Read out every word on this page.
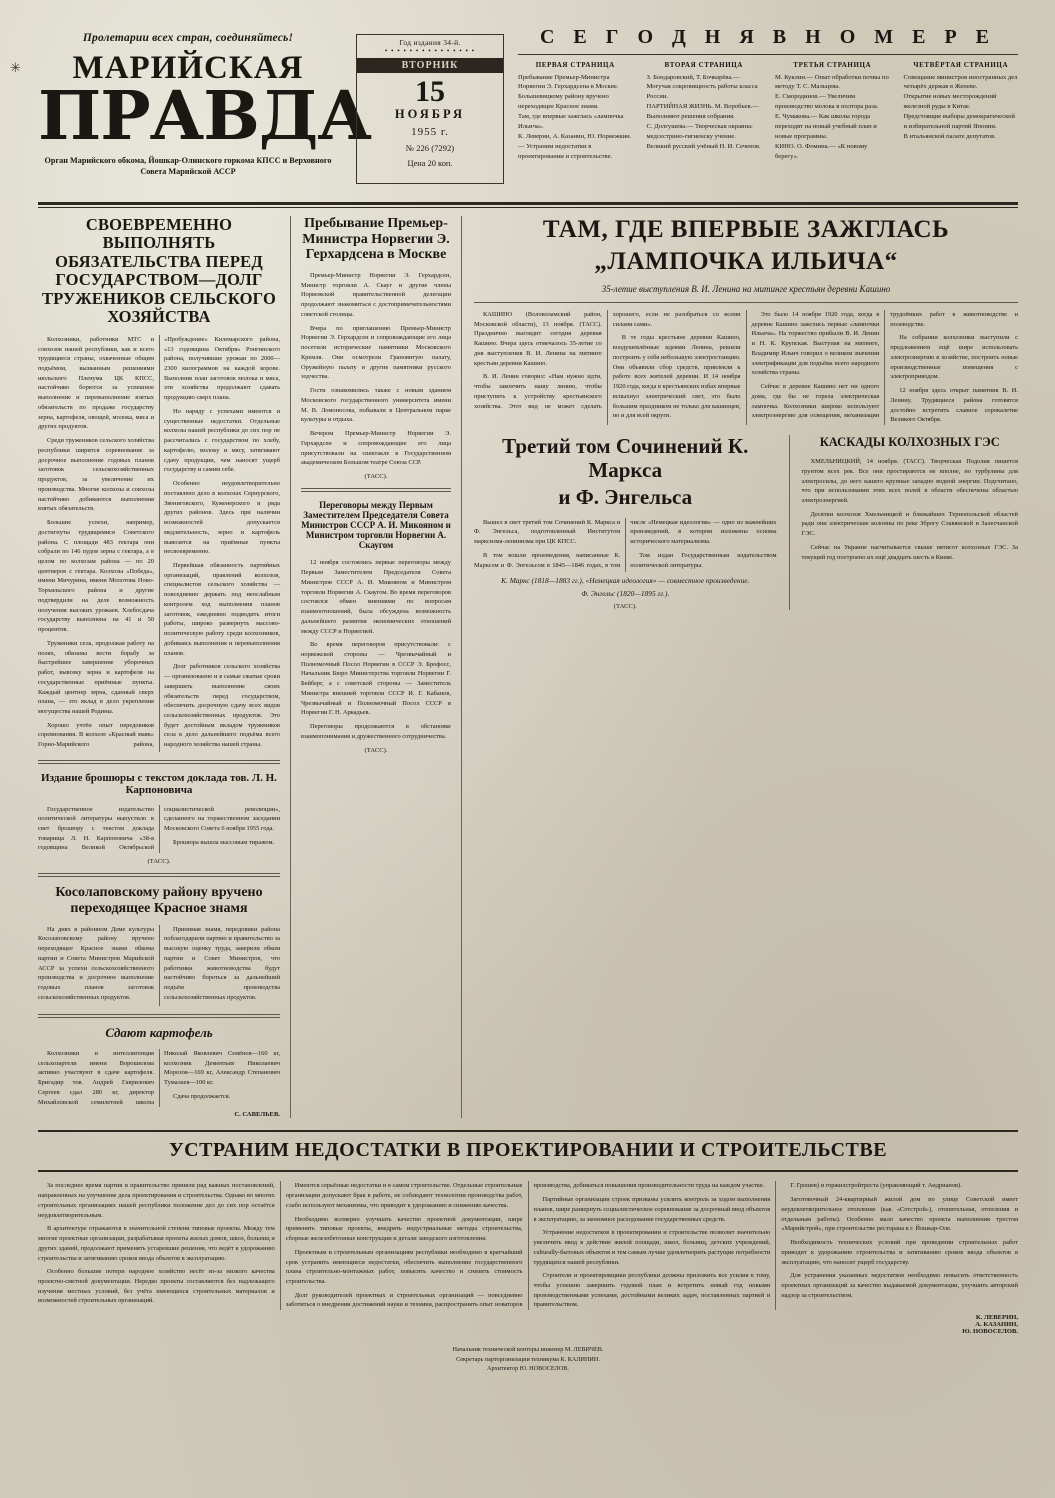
✳
Пролетарии всех стран, соединяйтесь!
МАРИЙСКАЯ
ПРАВДА
Орган Марийского обкома, Йошкар-Олинского горкома КПСС и Верховного Совета Марийской АССР
Год издания 34-й.
• • • • • • • • • • • • • • •
ВТОРНИК
15
НОЯБРЯ
1955 г.
№ 226 (7292)
Цена 20 коп.
С Е Г О Д Н Я В Н О М Е Р Е
ПЕРВАЯ СТРАНИЦА
Пребывание Премьер-Министра Норвегии Э. Герхардсена в Москве.
Большевицкому району вручено переходящее Красное знамя.
Там, где впервые зажглась «лампочка Ильича».
К. Леверин, А. Казанин, Ю. Норвежкин.— Устраним недостатки в проектировании и строительстве.
ВТОРАЯ СТРАНИЦА
З. Бондаровский, Т. Бочкарёва.— Могучая сокровищность работы класса России.
ПАРТИЙНАЯ ЖИЗНЬ. М. Воробьев.— Выполняют решения собрания.
С. Долгушева.— Творческая окраина: медсестрино-гигиенску учение.
Великий русский учёный Н. И. Сеченов.
ТРЕТЬЯ СТРАНИЦА
М. Куклин.— Опыт обработки почвы по методу Т. С. Мальцева.
Е. Смородинов.— Увеличим производство молока в полтора раза.
Е. Чумакова.— Как школы города переходят на новый учебный план и новые программы.
КИНО. О. Фомина.— «К новому берегу».
ЧЕТВЁРТАЯ СТРАНИЦА
Совещание министров иностранных дел четырёх держав в Женеве.
Открытие новых месторождений железной руды в Китае.
Предстоящие выборы демократической и избирательной партий Японии.
В итальянской палате депутатов.
СВОЕВРЕМЕННО ВЫПОЛНЯТЬ ОБЯЗАТЕЛЬСТВА ПЕРЕД ГОСУДАРСТВОМ—ДОЛГ ТРУЖЕНИКОВ СЕЛЬСКОГО ХОЗЯЙСТВА

Колхозники, работники МТС и совхозов нашей республики, как и всего трудящиеся страны, охваченные общим подъёмом, вызванным решениями июльского Пленума ЦК КПСС, настойчиво борются за успешное выполнение и перевыполнение взятых обязательств по продаже государству зерна, картофеля, овощей, молока, мяса и других продуктов.

Среди тружеников сельского хозяйства республики ширится соревнование за досрочное выполнение годовых планов заготовок сельскохозяйственных продуктов, за увеличение их производства. Многие колхозы и совхозы настойчиво добиваются выполнения взятых обязательств.

Большие успехи, например, достигнуты трудящимися Советского района. С площади 483 гектара они собрали по 146 пудов зерна с гектара, а в целом по колхозам района — по 20 центнеров с гектара. Колхозы «Победа», имени Мичурина, имени Молотова Ново-Торъяльского района и другие подтвердили на деле возможность получения высоких урожаев. Хлебосдача государству выполнена на 41 и 50 процентов.

Труженики села, продолжая работу на полях, обязаны вести борьбу за быстрейшее завершение уборочных работ, вывозку зерна и картофеля на государственные приёмные пункты. Каждый центнер зерна, сданный сверх плана, — это вклад в дело укрепления могущества нашей Родины.

Хорошо учтён опыт передовиков соревнования. В колхозе «Красный маяк» Горно-Марийского района, «Пробуждение» Килемарского района, «13 годовщина Октября» Ронгинского района, получившие урожаи по 2000—2300 килограммов на каждой корове. Выполнив план заготовок молока и мяса, эти хозяйства продолжают сдавать продукцию сверх плана.

Но наряду с успехами имеются и существенные недостатки. Отдельные колхозы нашей республики до сих пор не рассчитались с государством по хлебу, картофелю, молоку и мясу, затягивают сдачу продукции, чем наносят ущерб государству и самим себе.

Особенно неудовлетворительно поставлено дело в колхозах Сернурского, Звениговского, Куженерского и ряда других районов. Здесь при наличии возможностей допускается медлительность, зерно и картофель вывозятся на приёмные пункты несвоевременно.

Первейшая обязанность партийных организаций, правлений колхозов, специалистов сельского хозяйства — повседневно держать под неослабным контролем ход выполнения планов заготовок, ежедневно подводить итоги работы, широко развернуть массово-политическую работу среди колхозников, добиваясь выполнения и перевыполнения планов.

Долг работников сельского хозяйства — организованно и в самые сжатые сроки завершить выполнение своих обязательств перед государством, обеспечить досрочную сдачу всех видов сельскохозяйственных продуктов. Это будет достойным вкладом тружеников села в дело дальнейшего подъёма всего народного хозяйства нашей страны.

Издание брошюры с текстом доклада тов. Л. Н. Карпоновича

Государственное издательство политической литературы выпустило в свет брошюру с текстом доклада товарища Л. Н. Карпоновича «38-я годовщина Великой Октябрьской социалистической революции», сделанного на торжественном заседании Московского Совета 6 ноября 1955 года.

Брошюра вышла массовым тиражом.

(ТАСС).
Косолаповскому району вручено переходящее Красное знамя

На днях в районном Доме культуры Косолаповскому району вручено переходящее Красное знамя обкома партии и Совета Министров Марийской АССР за успехи сельскохозяйственного производства и досрочное выполнение годовых планов заготовок сельскохозяйственных продуктов.

Принимая знамя, передовики района поблагодарили партию и правительство за высокую оценку труда, заверили обком партии и Совет Министров, что работники животноводства будут настойчиво бороться за дальнейший подъём производства сельскохозяйственных продуктов.

Сдают картофель

Колхозники и интеллигенция сельхозартели имени Ворошилова активно участвуют в сдаче картофеля. Бригадир тов. Андрей Гаврилович Сергеев сдал 280 кг, директор Михайловской семилетней школы Николай Яковлевич Семёнов—160 кг, колхозник Дементьев Николаевич Морозов—169 кг, Александр Степанович Тумалаев—100 кг.

Сдача продолжается.

С. САВЕЛЬЕВ.
Пребывание Премьер-Министра Норвегии Э. Герхардсена в Москве

Премьер-Министр Норвегии Э. Герхардсен, Министр торговли А. Скауг и другие члены Норвежской правительственной делегации продолжают знакомиться с достопримечательностями советской столицы.

Вчера по приглашению Премьер-Министр Норвегии Э. Герхардсен и сопровождающие его лица посетили исторические памятники Московского Кремля. Они осмотрели Грановитую палату, Оружейную палату и другие памятники русского зодчества.

Гости ознакомились также с новым зданием Московского государственного университета имени М. В. Ломоносова, побывали в Центральном парке культуры и отдыха.

Вечером Премьер-Министр Норвегии Э. Герхардсен и сопровождающие его лица присутствовали на спектакле в Государственном академическом Большом театре Союза ССР.

(ТАСС).
Переговоры между Первым Заместителем Председателя Совета Министров СССР А. И. Микояном и Министром торговли Норвегии А. Скаугом

12 ноября состоялись первые переговоры между Первым Заместителем Председателя Совета Министров СССР А. И. Микояном и Министром торговли Норвегии А. Скаугом. Во время переговоров состоялся обмен мнениями по вопросам взаимоотношений, была обсуждена возможность дальнейшего развития экономических отношений между СССР и Норвегией.

Во время переговоров присутствовали: с норвежской стороны — Чрезвычайный и Полномочный Посол Норвегии в СССР Э. Брофосс, Начальник Бюро Министерства торговли Норвегии Г. Бейберг, а с советской стороны — Заместитель Министра внешней торговли СССР И. Г. Кабанов, Чрезвычайный и Полномочный Посол СССР в Норвегии Г. Н. Аркадьев.

Переговоры продолжаются в обстановке взаимопонимания и дружественного сотрудничества.

(ТАСС).
ТАМ, ГДЕ ВПЕРВЫЕ ЗАЖГЛАСЬ
„ЛАМПОЧКА ИЛЬИЧА“
35-летие выступления В. И. Ленина на митинге крестьян деревни Кашино

КАШИНО (Волоколамский район, Московской области), 13 ноября. (ТАСС). Празднично выглядит сегодня деревня Кашино. Вчера здесь отмечалось 35-летие со дня выступления В. И. Ленина на митинге крестьян деревни Кашино.

В. И. Ленин говорил: «Нам нужно идти, чтобы закончить нашу линию, чтобы приступить к устройству крестьянского хозяйства. Этот вид не может сделать хорошего, если не разобраться со всеми силами сами».

В те годы крестьяне деревни Кашино, воодушевлённые идеями Ленина, решили построить у себя небольшую электростанцию. Они объявили сбор средств, привлекли к работе всех жителей деревни. И 14 ноября 1920 года, когда в крестьянских избах впервые вспыхнул электрический свет, это было большим праздником не только для кашинцев, но и для всей округи.

Это было 14 ноября 1920 года, когда в деревне Кашино зажглись первые «лампочки Ильича». На торжество прибыли В. И. Ленин и Н. К. Крупская. Выступая на митинге, Владимир Ильич говорил о великом значении электрификации для подъёма всего народного хозяйства страны.

Сейчас в деревне Кашино нет ни одного дома, где бы не горела электрическая лампочка. Колхозники широко используют электроэнергию для освещения, механизации трудоёмких работ в животноводстве и полеводстве.

На собрании колхозники выступили с предложением ещё шире использовать электроэнергию в хозяйстве, построить новые производственные помещения с электроприводом.

12 ноября здесь открыт памятник В. И. Ленину. Трудящиеся района готовятся достойно встретить славное сорокалетие Великого Октября.

Третий том Сочинений К. Маркса
и Ф. Энгельса

Вышел в свет третий том Сочинений К. Маркса и Ф. Энгельса, подготовленный Институтом марксизма-ленинизма при ЦК КПСС.

В том вошли произведения, написанные К. Марксом и Ф. Энгельсом в 1845—1846 годах, в том числе «Немецкая идеология» — одно из важнейших произведений, в котором изложены основы исторического материализма.

Том издан Государственным издательством политической литературы.

К. Маркс (1818—1883 гг.), «Немецкая идеология» — совместное произведение.
Ф. Энгельс (1820—1895 гг.).
(ТАСС).
КАСКАДЫ КОЛХОЗНЫХ ГЭС

ХМЕЛЬНИЦКИЙ, 14 ноября. (ТАСС). Творческая Подолия пишется грунтом всех рек. Все они простираются не вполне, но турбулины для электросилы, до него кашего крупные западно водной энергии. Подсчитано, что при использовании этих всех полей в области обеспечены областью электроэнергией.

Десятки колхозов Хмельницкой и ближайших Тернопольской областей ради они электрические колонны по реке Зброгу Славянской и Залесчанской ГЭС.

Сейчас на Украине насчитывается свыше пятисот колхозных ГЭС. За текущий год построено их ещё двадцать шесть в Киеве.

УСТРАНИМ НЕДОСТАТКИ В ПРОЕКТИРОВАНИИ И СТРОИТЕЛЬСТВЕ

За последнее время партия и правительство приняли ряд важных постановлений, направленных на улучшение дела проектирования и строительства. Однако во многих строительных организациях нашей республики положение дел до сих пор остаётся неудовлетворительным.

В архитектуре отражаются в значительной степени типовые проекты. Между тем многие проектные организации, разрабатывая проекты жилых домов, школ, больниц и других зданий, продолжают применять устаревшие решения, что ведёт к удорожанию строительства и затягиванию сроков ввода объектов в эксплуатацию.

Особенно большие потери народное хозяйство несёт из-за низкого качества проектно-сметной документации. Нередко проекты составляются без надлежащего изучения местных условий, без учёта имеющихся строительных материалов и возможностей строительных организаций.

Имеются серьёзные недостатки и в самом строительстве. Отдельные строительные организации допускают брак в работе, не соблюдают технологии производства работ, слабо используют механизмы, что приводит к удорожанию и снижению качества.

Необходимо всемерно улучшать качество проектной документации, шире применять типовые проекты, внедрять индустриальные методы строительства, сборные железобетонные конструкции и детали заводского изготовления.

Проектным и строительным организациям республики необходимо в кратчайший срок устранить имеющиеся недостатки, обеспечить выполнение государственного плана строительно-монтажных работ, повысить качество и снизить стоимость строительства.

Долг руководителей проектных и строительных организаций — повседневно заботиться о внедрении достижений науки и техники, распространять опыт новаторов производства, добиваться повышения производительности труда на каждом участке.

Партийные организации строек призваны усилить контроль за ходом выполнения планов, шире развернуть социалистическое соревнование за досрочный ввод объектов в эксплуатацию, за экономное расходование государственных средств.

Устранение недостатков в проектировании и строительстве позволит значительно увеличить ввод в действие жилой площади, школ, больниц, детских учреждений, culturally-бытовых объектов и тем самым лучше удовлетворить растущие потребности трудящихся нашей республики.

Строители и проектировщики республики должны приложить все усилия к тому, чтобы успешно завершить годовой план и встретить новый год новыми производственными успехами, достойными великих задач, поставленных партией и правительством.

Г. Грошев) и горжилстройтреста (управляющий т. Андрианов).

Заготовочный 24-квартирный жилой дом по улице Советской имеет неудовлетворительное отопление (как «Сотстрой»), отопительная, отопления и отдельным работы). Особенно мало качество проекта выполнения трестом «Марийстрой», при строительстве ресторана в г. Йошкар-Оле.

Необходимость технических условий при проведении строительных работ приводит к удорожанию строительства и затягиванию сроков ввода объектов в эксплуатацию, что наносит ущерб государству.

Для устранения указанных недостатков необходимо повысить ответственность проектных организаций за качество выдаваемой документации, улучшить авторский надзор за строительством.

К. ЛЕВЕРИН,
А. КАЗАНИН,
Ю. НОВОСЕЛОВ.
Начальник технической конторы инженер М. ЛЕВИЧЕВ.
Секретарь парторганизации техникума К. КАЛИНИН.
Архитектор Ю. НОВОСЕЛОВ.
